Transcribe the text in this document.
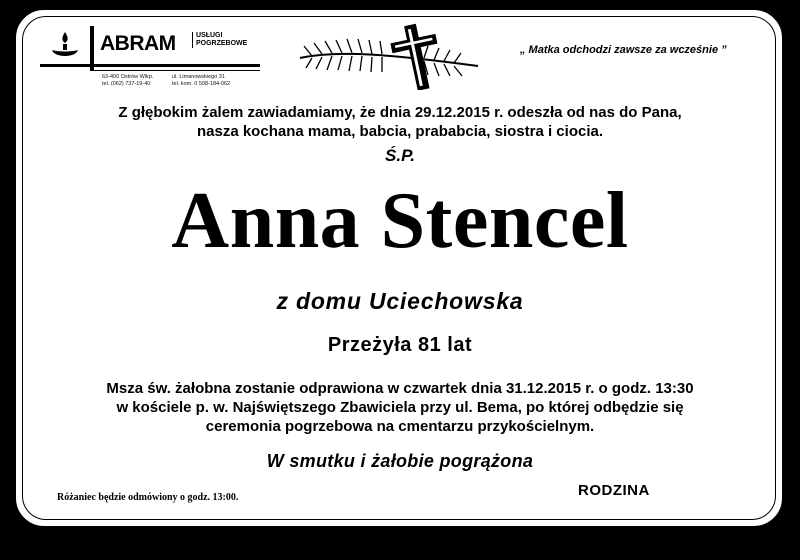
ABRAM	USŁUGI
POGRZEBOWE
63-400 Ostrów Wlkp.
tel. (062) 737-19-40
ul. Limanowskiego 31
tel. kom. 0 508-184-062
„ Matka odchodzi zawsze za wcześnie ”
Z głębokim żalem zawiadamiamy, że dnia 29.12.2015 r. odeszła od nas do Pana,
nasza kochana mama, babcia, prababcia, siostra i ciocia.
Ś.P.
Anna Stencel
z domu Uciechowska
Przeżyła 81 lat
Msza św. żałobna zostanie odprawiona w czwartek dnia 31.12.2015 r. o godz. 13:30
w kościele p. w. Najświętszego Zbawiciela przy ul. Bema, po której odbędzie się
ceremonia pogrzebowa na cmentarzu przykościelnym.
W smutku i żałobie pogrążona
Różaniec będzie odmówiony o godz. 13:00.	RODZINA
